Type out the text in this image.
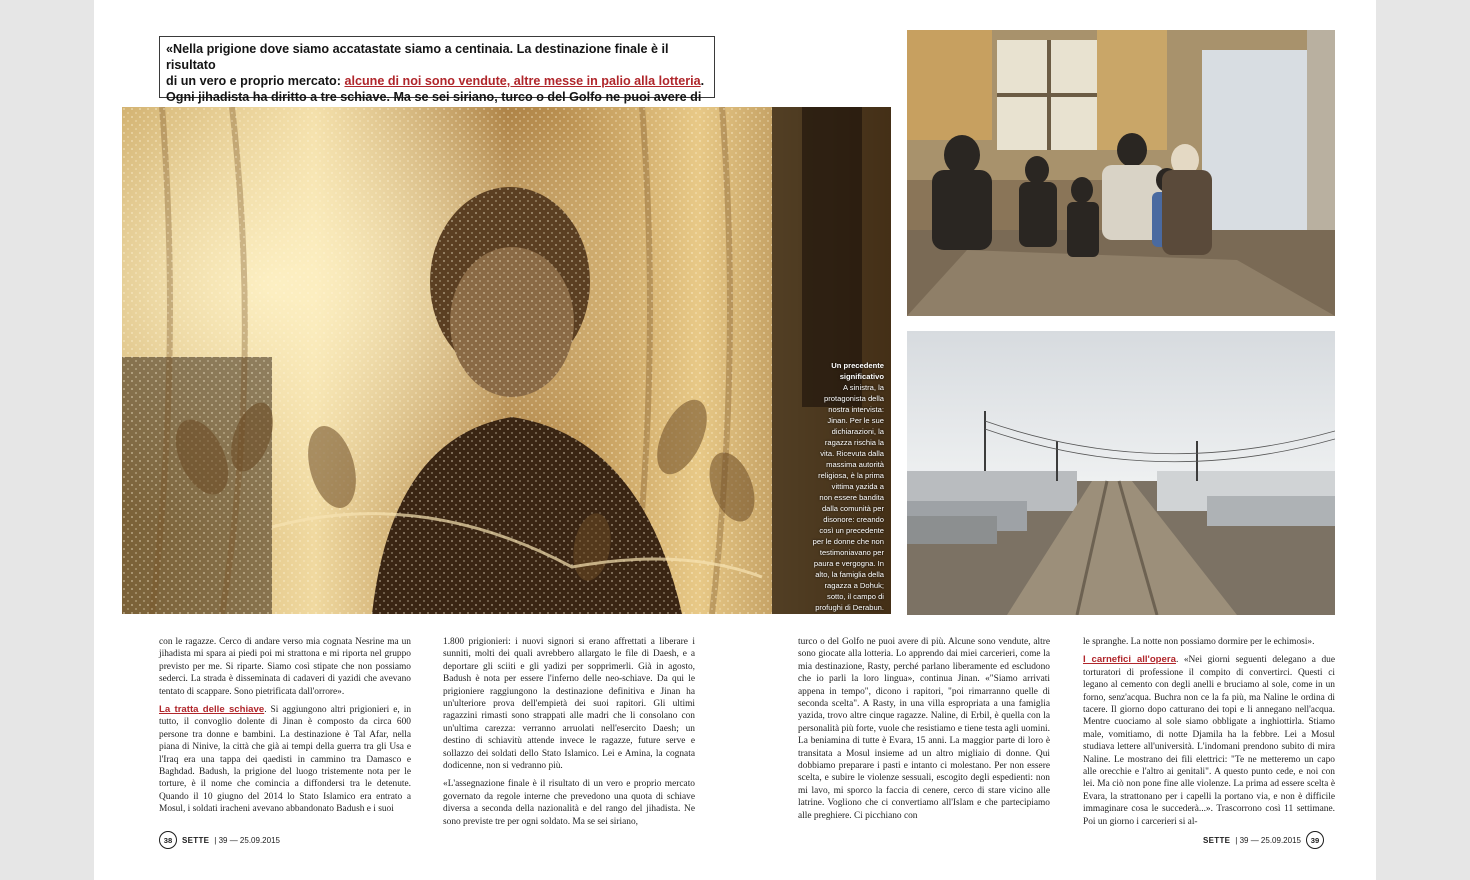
«Nella prigione dove siamo accatastate siamo a centinaia. La destinazione finale è il risultato
di un vero e proprio mercato: alcune di noi sono vendute, altre messe in palio alla lotteria.
Ogni jihadista ha diritto a tre schiave. Ma se sei siriano, turco o del Golfo ne puoi avere di
Un precedente
significativo
A sinistra, la
protagonista della
nostra intervista:
Jinan. Per le sue
dichiarazioni, la
ragazza rischia la
vita. Ricevuta dalla
massima autorità
religiosa, è la prima
vittima yazida a
non essere bandita
dalla comunità per
disonore: creando
così un precedente
per le donne che non
testimoniavano per
paura e vergogna. In
alto, la famiglia della
ragazza a Dohuk;
sotto, il campo di
profughi di Derabun.

con le ragazze. Cerco di andare verso mia cognata Nesrine ma un jihadista mi spara ai piedi poi mi strattona e mi riporta nel gruppo previsto per me. Si riparte. Siamo così stipate che non possiamo sederci. La strada è disseminata di cadaveri di yazidi che avevano tentato di scappare. Sono pietrificata dall'orrore».

La tratta delle schiave. Si aggiungono altri prigionieri e, in tutto, il convoglio dolente di Jinan è composto da circa 600 persone tra donne e bambini. La destinazione è Tal Afar, nella piana di Ninive, la città che già ai tempi della guerra tra gli Usa e l'Iraq era una tappa dei qaedisti in cammino tra Damasco e Baghdad. Badush, la prigione del luogo tristemente nota per le torture, è il nome che comincia a diffondersi tra le detenute. Quando il 10 giugno del 2014 lo Stato Islamico era entrato a Mosul, i soldati iracheni avevano abbandonato Badush e i suoi

1.800 prigionieri: i nuovi signori si erano affrettati a liberare i sunniti, molti dei quali avrebbero allargato le file di Daesh, e a deportare gli sciiti e gli yadizi per sopprimerli. Già in agosto, Badush è nota per essere l'inferno delle neo-schiave. Da qui le prigioniere raggiungono la destinazione definitiva e Jinan ha un'ulteriore prova dell'empietà dei suoi rapitori. Gli ultimi ragazzini rimasti sono strappati alle madri che li consolano con un'ultima carezza: verranno arruolati nell'esercito Daesh; un destino di schiavitù attende invece le ragazze, future serve e sollazzo dei soldati dello Stato Islamico. Lei e Amina, la cognata dodicenne, non si vedranno più.

«L'assegnazione finale è il risultato di un vero e proprio mercato governato da regole interne che prevedono una quota di schiave diversa a seconda della nazionalità e del rango del jihadista. Ne sono previste tre per ogni soldato. Ma se sei siriano,

turco o del Golfo ne puoi avere di più. Alcune sono vendute, altre sono giocate alla lotteria. Lo apprendo dai miei carcerieri, come la mia destinazione, Rasty, perché parlano liberamente ed escludono che io parli la loro lingua», continua Jinan. «"Siamo arrivati appena in tempo", dicono i rapitori, "poi rimarranno quelle di seconda scelta". A Rasty, in una villa espropriata a una famiglia yazida, trovo altre cinque ragazze. Naline, di Erbil, è quella con la personalità più forte, vuole che resistiamo e tiene testa agli uomini. La beniamina di tutte è Evara, 15 anni. La maggior parte di loro è transitata a Mosul insieme ad un altro migliaio di donne. Qui dobbiamo preparare i pasti e intanto ci molestano. Per non essere scelta, e subire le violenze sessuali, escogito degli espedienti: non mi lavo, mi sporco la faccia di cenere, cerco di stare vicino alle latrine. Vogliono che ci convertiamo all'Islam e che partecipiamo alle preghiere. Ci picchiano con

le spranghe. La notte non possiamo dormire per le echimosi».

I carnefici all'opera. «Nei giorni seguenti delegano a due torturatori di professione il compito di convertirci. Questi ci legano al cemento con degli anelli e bruciamo al sole, come in un forno, senz'acqua. Buchra non ce la fa più, ma Naline le ordina di tacere. Il giorno dopo catturano dei topi e li annegano nell'acqua. Mentre cuociamo al sole siamo obbligate a inghiottirla. Stiamo male, vomitiamo, di notte Djamila ha la febbre. Lei a Mosul studiava lettere all'università. L'indomani prendono subito di mira Naline. Le mostrano dei fili elettrici: "Te ne metteremo un capo alle orecchie e l'altro ai genitali". A questo punto cede, e noi con lei. Ma ciò non pone fine alle violenze. La prima ad essere scelta è Evara, la strattonano per i capelli la portano via, e non è difficile immaginare cosa le succederà...». Trascorrono così 11 settimane. Poi un giorno i carcerieri si al-

38	SETTE | 39 — 25.09.2015	SETTE | 39 — 25.09.2015	39
